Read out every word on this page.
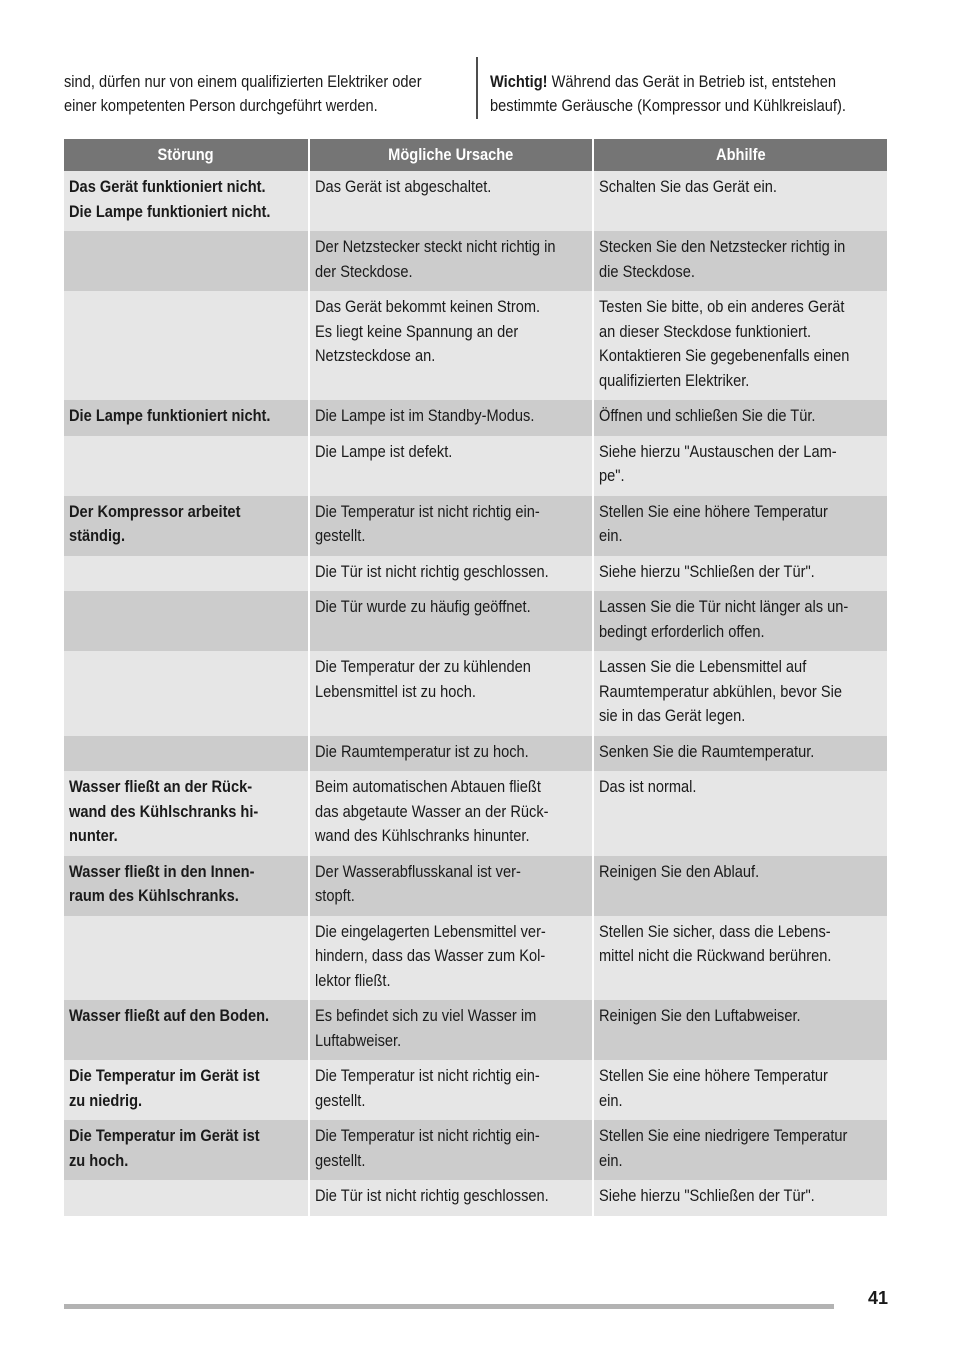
sind, dürfen nur von einem qualifizierten Elektriker oder
einer kompetenten Person durchgeführt werden.
Wichtig! Während das Gerät in Betrieb ist, entstehen
bestimmte Geräusche (Kompressor und Kühlkreislauf).
Störung	Mögliche Ursache	Abhilfe

Das Gerät funktioniert nicht.
Die Lampe funktioniert nicht.	Das Gerät ist abgeschaltet.	Schalten Sie das Gerät ein.

	Der Netzstecker steckt nicht richtig in
der Steckdose.	Stecken Sie den Netzstecker richtig in
die Steckdose.

	Das Gerät bekommt keinen Strom.
Es liegt keine Spannung an der
Netzsteckdose an.	Testen Sie bitte, ob ein anderes Gerät
an dieser Steckdose funktioniert.
Kontaktieren Sie gegebenenfalls einen
qualifizierten Elektriker.

Die Lampe funktioniert nicht.	Die Lampe ist im Standby-Modus.	Öffnen und schließen Sie die Tür.

	Die Lampe ist defekt.	Siehe hierzu "Austauschen der Lam-
pe".

Der Kompressor arbeitet
ständig.	Die Temperatur ist nicht richtig ein-
gestellt.	Stellen Sie eine höhere Temperatur
ein.

	Die Tür ist nicht richtig geschlossen.	Siehe hierzu "Schließen der Tür".

	Die Tür wurde zu häufig geöffnet.	Lassen Sie die Tür nicht länger als un-
bedingt erforderlich offen.

	Die Temperatur der zu kühlenden
Lebensmittel ist zu hoch.	Lassen Sie die Lebensmittel auf
Raumtemperatur abkühlen, bevor Sie
sie in das Gerät legen.

	Die Raumtemperatur ist zu hoch.	Senken Sie die Raumtemperatur.

Wasser fließt an der Rück-
wand des Kühlschranks hi-
nunter.	Beim automatischen Abtauen fließt
das abgetaute Wasser an der Rück-
wand des Kühlschranks hinunter.	Das ist normal.

Wasser fließt in den Innen-
raum des Kühlschranks.	Der Wasserabflusskanal ist ver-
stopft.	Reinigen Sie den Ablauf.

	Die eingelagerten Lebensmittel ver-
hindern, dass das Wasser zum Kol-
lektor fließt.	Stellen Sie sicher, dass die Lebens-
mittel nicht die Rückwand berühren.

Wasser fließt auf den Boden.	Es befindet sich zu viel Wasser im
Luftabweiser.	Reinigen Sie den Luftabweiser.

Die Temperatur im Gerät ist
zu niedrig.	Die Temperatur ist nicht richtig ein-
gestellt.	Stellen Sie eine höhere Temperatur
ein.

Die Temperatur im Gerät ist
zu hoch.	Die Temperatur ist nicht richtig ein-
gestellt.	Stellen Sie eine niedrigere Temperatur
ein.

	Die Tür ist nicht richtig geschlossen.	Siehe hierzu "Schließen der Tür".
41
